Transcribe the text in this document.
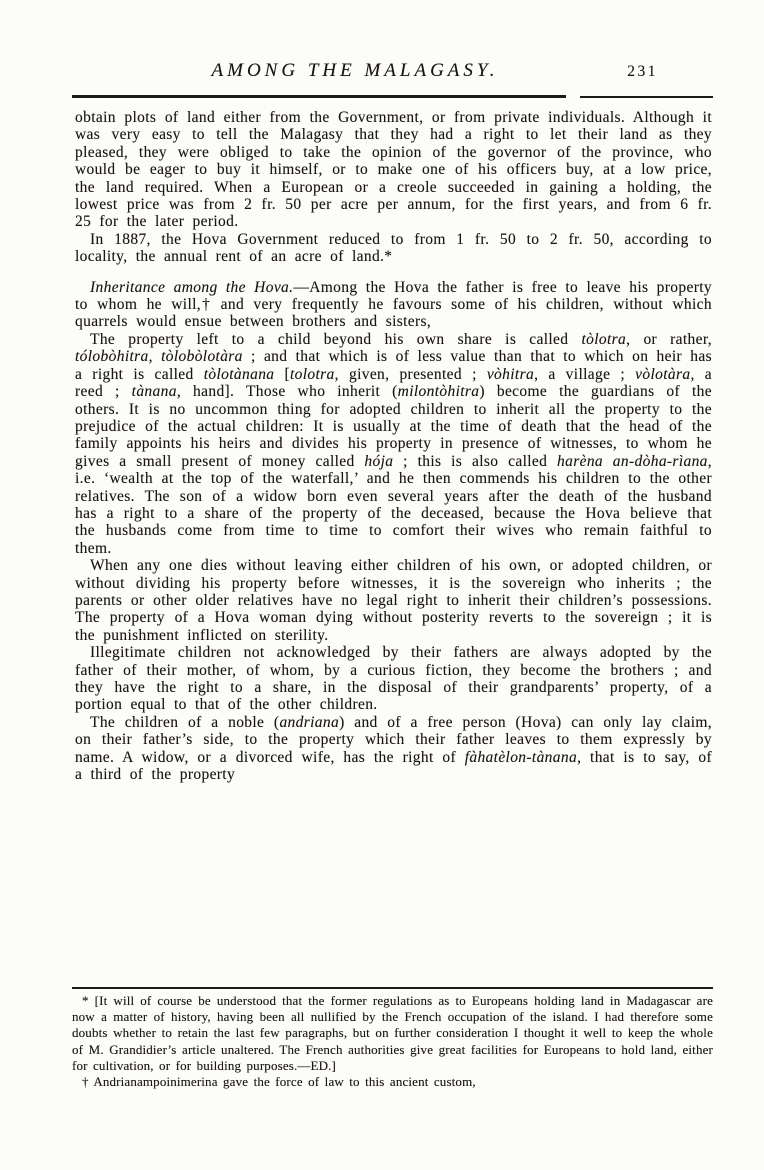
AMONG THE MALAGASY.	231

obtain plots of land either from the Government, or from private individuals. Although it was very easy to tell the Malagasy that they had a right to let their land as they pleased, they were obliged to take the opinion of the governor of the province, who would be eager to buy it himself, or to make one of his officers buy, at a low price, the land required. When a European or a creole succeeded in gaining a holding, the lowest price was from 2 fr. 50 per acre per annum, for the first years, and from 6 fr. 25 for the later period.

In 1887, the Hova Government reduced to from 1 fr. 50 to 2 fr. 50, according to locality, the annual rent of an acre of land.*

Inheritance among the Hova.—Among the Hova the father is free to leave his property to whom he will,† and very frequently he favours some of his children, without which quarrels would ensue between brothers and sisters,

The property left to a child beyond his own share is called tòlotra, or rather, tólobòhitra, tòlobòlotàra ; and that which is of less value than that to which on heir has a right is called tòlotànana [tolotra, given, presented ; vòhitra, a village ; vòlotàra, a reed ; tànana, hand]. Those who inherit (milontòhitra) become the guardians of the others. It is no uncommon thing for adopted children to inherit all the property to the prejudice of the actual children: It is usually at the time of death that the head of the family appoints his heirs and divides his property in presence of witnesses, to whom he gives a small present of money called hója ; this is also called harèna an-dòha-rìana, i.e. ‘wealth at the top of the waterfall,’ and he then commends his children to the other relatives. The son of a widow born even several years after the death of the husband has a right to a share of the property of the deceased, because the Hova believe that the husbands come from time to time to comfort their wives who remain faithful to them.

When any one dies without leaving either children of his own, or adopted children, or without dividing his property before witnesses, it is the sovereign who inherits ; the parents or other older relatives have no legal right to inherit their children’s possessions. The property of a Hova woman dying without posterity reverts to the sovereign ; it is the punishment inflicted on sterility.

Illegitimate children not acknowledged by their fathers are always adopted by the father of their mother, of whom, by a curious fiction, they become the brothers ; and they have the right to a share, in the disposal of their grandparents’ property, of a portion equal to that of the other children.

The children of a noble (andriana) and of a free person (Hova) can only lay claim, on their father’s side, to the property which their father leaves to them expressly by name. A widow, or a divorced wife, has the right of fàhatèlon-tànana, that is to say, of a third of the property

* [It will of course be understood that the former regulations as to Europeans holding land in Madagascar are now a matter of history, having been all nullified by the French occupation of the island. I had therefore some doubts whether to retain the last few paragraphs, but on further consideration I thought it well to keep the whole of M. Grandidier’s article unaltered. The French authorities give great facilities for Europeans to hold land, either for cultivation, or for building purposes.—ED.]

† Andrianampoinimerina gave the force of law to this ancient custom,
